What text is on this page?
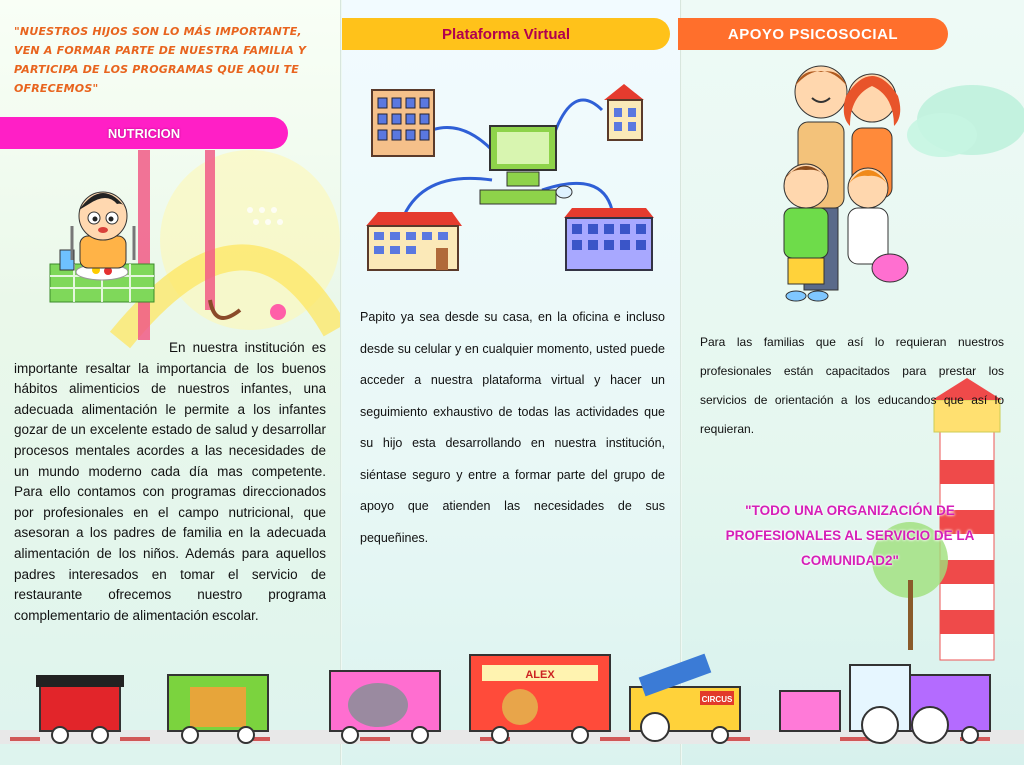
"NUESTROS HIJOS SON LO MÁS IMPORTANTE, VEN A FORMAR PARTE DE NUESTRA FAMILIA Y PARTICIPA DE LOS PROGRAMAS QUE AQUI TE OFRECEMOS"
NUTRICION
En nuestra institución es importante resaltar la importancia de los buenos hábitos alimenticios de nuestros infantes, una adecuada alimentación le permite a los infantes gozar de un excelente estado de salud y desarrollar procesos mentales acordes a las necesidades de un mundo moderno cada día mas competente. Para ello contamos con programas direccionados por profesionales en el campo nutricional, que asesoran a los padres de familia en la adecuada alimentación de los niños. Además para aquellos padres interesados en tomar el servicio de restaurante ofrecemos nuestro programa complementario de alimentación escolar.
Papito ya sea desde su casa, en la oficina e incluso desde su celular y en cualquier momento, usted puede acceder a nuestra plataforma virtual y hacer un seguimiento exhaustivo de todas las actividades que su hijo esta desarrollando en nuestra institución, siéntase seguro y entre a formar parte del grupo de apoyo que atienden las necesidades de sus pequeñines.
Plataforma Virtual
Para las familias que así lo requieran nuestros profesionales están capacitados para prestar los servicios de orientación a los educandos que así lo requieran.
APOYO PSICOSOCIAL
"TODO UNA ORGANIZACIÓN DE PROFESIONALES AL SERVICIO DE LA COMUNIDAD2"
ALEX
CIRCUS
